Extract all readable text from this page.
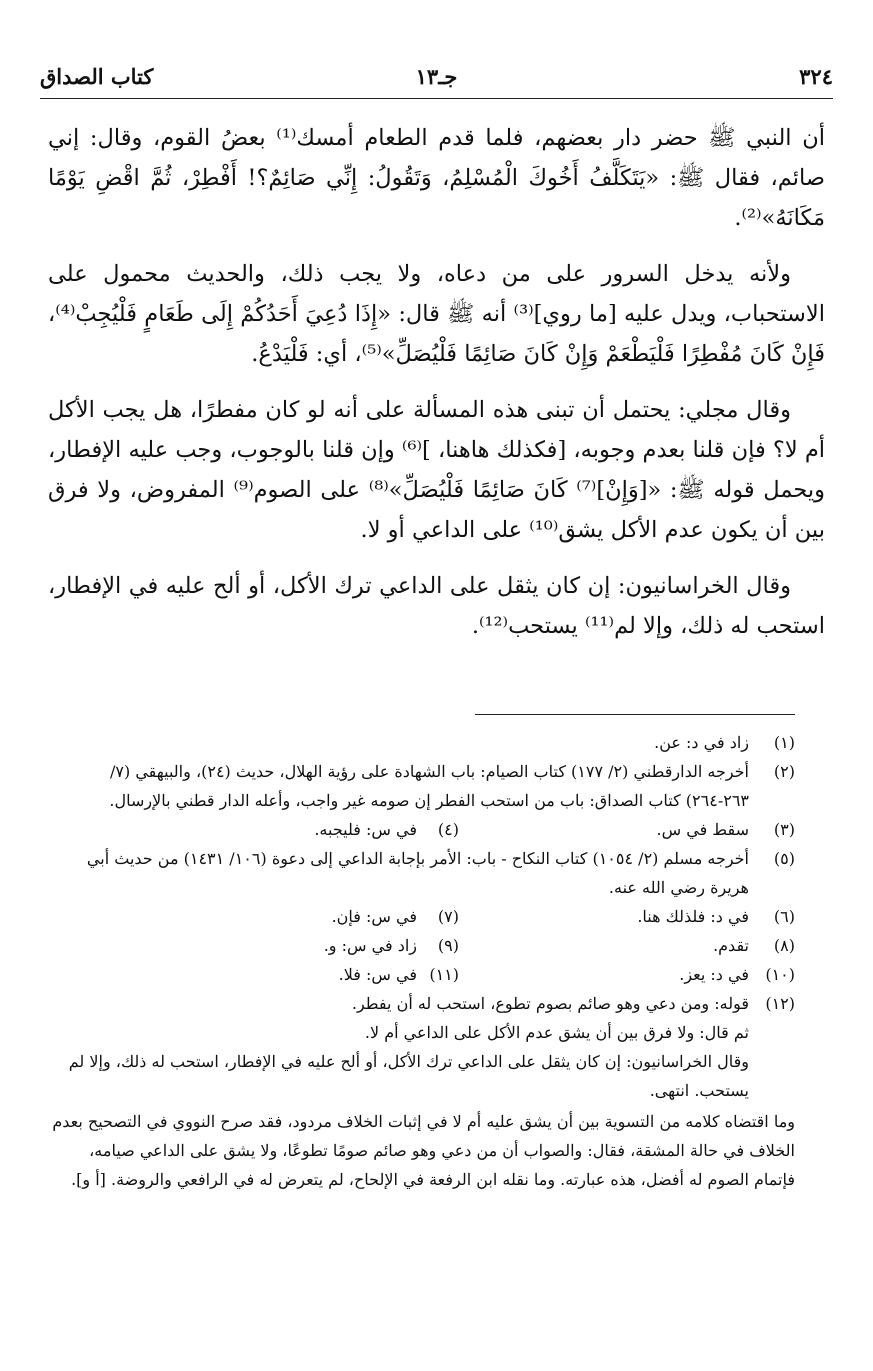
٣٢٤
جـ١٣
كتاب الصداق

أن النبي ﷺ حضر دار بعضهم، فلما قدم الطعام أمسك⁽¹⁾ بعضُ القوم، وقال: إني صائم، فقال ﷺ: «يَتَكَلَّفُ أَخُوكَ الْمُسْلِمُ، وَتَقُولُ: إِنِّي صَائِمٌ؟! أَفْطِرْ، ثُمَّ اقْضِ يَوْمًا مَكَانَهُ»⁽²⁾.

ولأنه يدخل السرور على من دعاه، ولا يجب ذلك، والحديث محمول على الاستحباب، ويدل عليه [ما روي]⁽³⁾ أنه ﷺ قال: «إِذَا دُعِيَ أَحَدُكُمْ إِلَى طَعَامٍ فَلْيُجِبْ⁽⁴⁾، فَإِنْ كَانَ مُفْطِرًا فَلْيَطْعَمْ وَإِنْ كَانَ صَائِمًا فَلْيُصَلِّ»⁽⁵⁾، أي: فَلْيَدْعُ.

وقال مجلي: يحتمل أن تبنى هذه المسألة على أنه لو كان مفطرًا، هل يجب الأكل أم لا؟ فإن قلنا بعدم وجوبه، [فكذلك هاهنا، ]⁽⁶⁾ وإن قلنا بالوجوب، وجب عليه الإفطار، ويحمل قوله ﷺ: «[وَإِنْ]⁽⁷⁾ كَانَ صَائِمًا فَلْيُصَلِّ»⁽⁸⁾ على الصوم⁽⁹⁾ المفروض، ولا فرق بين أن يكون عدم الأكل يشق⁽¹⁰⁾ على الداعي أو لا.

وقال الخراسانيون: إن كان يثقل على الداعي ترك الأكل، أو ألح عليه في الإفطار، استحب له ذلك، وإلا لم⁽¹¹⁾ يستحب⁽¹²⁾.

(١)
زاد في د: عن.
(٢)
أخرجه الدارقطني (٢/ ١٧٧) كتاب الصيام: باب الشهادة على رؤية الهلال، حديث (٢٤)، والبيهقي (٧/ ٢٦٣-٢٦٤) كتاب الصداق: باب من استحب الفطر إن صومه غير واجب، وأعله الدار قطني بالإرسال.
(٣)
سقط في س.
(٤)
في س: فليجبه.
(٥)
أخرجه مسلم (٢/ ١٠٥٤) كتاب النكاح - باب: الأمر بإجابة الداعي إلى دعوة (١٠٦/ ١٤٣١) من حديث أبي هريرة رضي الله عنه.
(٦)
في د: فلذلك هنا.
(٧)
في س: فإن.
(٨)
تقدم.
(٩)
زاد في س: و.
(١٠)
في د: يعز.
(١١)
في س: فلا.
(١٢)
قوله: ومن دعي وهو صائم بصوم تطوع، استحب له أن يفطر.
ثم قال: ولا فرق بين أن يشق عدم الأكل على الداعي أم لا.
وقال الخراسانيون: إن كان يثقل على الداعي ترك الأكل، أو ألح عليه في الإفطار، استحب له ذلك، وإلا لم يستحب. انتهى.
وما اقتضاه كلامه من التسوية بين أن يشق عليه أم لا في إثبات الخلاف مردود، فقد صرح النووي في التصحيح بعدم الخلاف في حالة المشقة، فقال: والصواب أن من دعي وهو صائم صومًا تطوعًا، ولا يشق على الداعي صيامه، فإتمام الصوم له أفضل، هذه عبارته. وما نقله ابن الرفعة في الإلحاح، لم يتعرض له في الرافعي والروضة. [أ و].
